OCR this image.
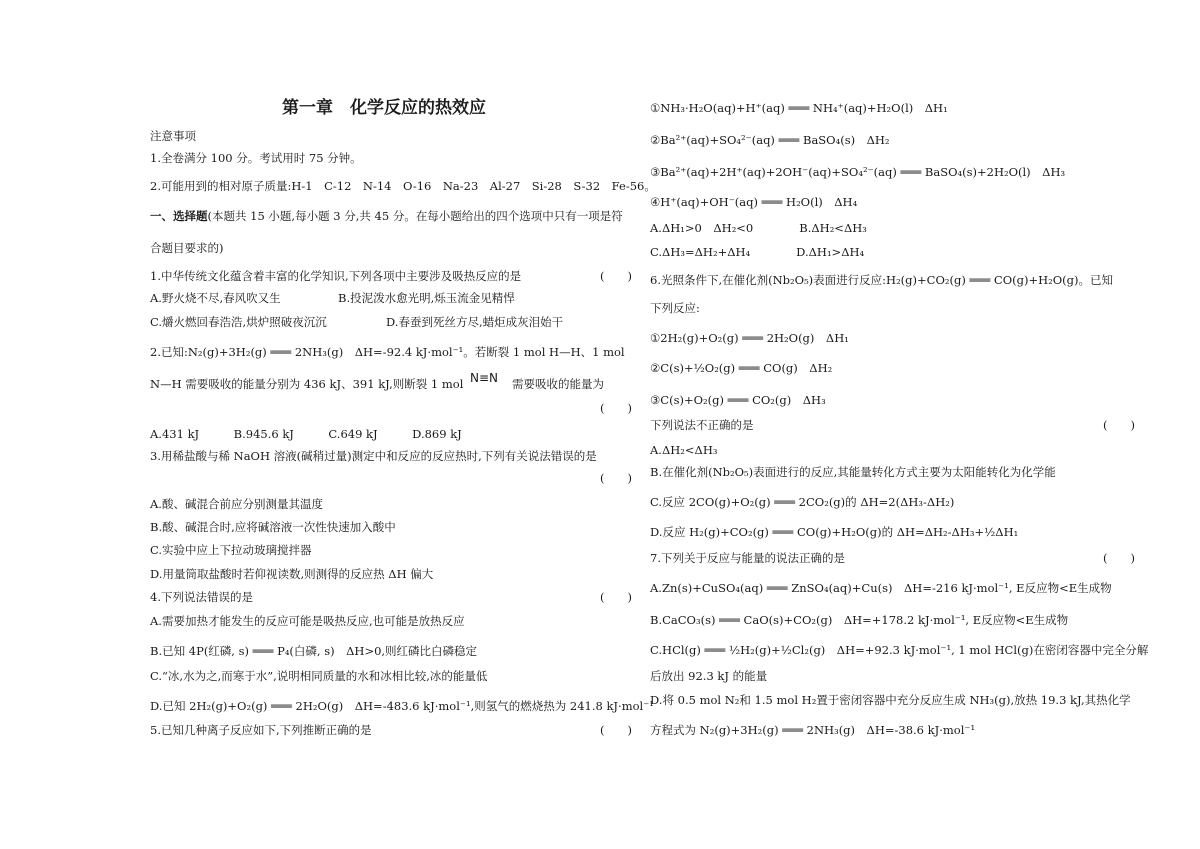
第一章　化学反应的热效应
注意事项
1.全卷满分 100 分。考试用时 75 分钟。
2.可能用到的相对原子质量:H-1　C-12　N-14　O-16　Na-23　Al-27　Si-28　S-32　Fe-56。
一、选择题(本题共 15 小题,每小题 3 分,共 45 分。在每小题给出的四个选项中只有一项是符
合题目要求的)
1.中华传统文化蕴含着丰富的化学知识,下列各项中主要涉及吸热反应的是	(　　)
A.野火烧不尽,春风吹又生	B.投泥泼水愈光明,烁玉流金见精悍
C.爝火燃回春浩浩,烘炉照破夜沉沉	D.春蚕到死丝方尽,蜡炬成灰泪始干
2.已知:N₂(g)+3H₂(g) ═══ 2NH₃(g)　ΔH=-92.4 kJ·mol⁻¹。若断裂 1 mol H—H、1 mol
N—H 需要吸收的能量分别为 436 kJ、391 kJ,则断裂 1 mol N≡N 需要吸收的能量为
(　　)
A.431 kJ　　　B.945.6 kJ　　　C.649 kJ　　　D.869 kJ
3.用稀盐酸与稀 NaOH 溶液(碱稍过量)测定中和反应的反应热时,下列有关说法错误的是
(　　)
A.酸、碱混合前应分别测量其温度
B.酸、碱混合时,应将碱溶液一次性快速加入酸中
C.实验中应上下拉动玻璃搅拌器
D.用量筒取盐酸时若仰视读数,则测得的反应热 ΔH 偏大
4.下列说法错误的是	(　　)
A.需要加热才能发生的反应可能是吸热反应,也可能是放热反应
B.已知 4P(红磷, s) ═══ P₄(白磷, s)　ΔH>0,则红磷比白磷稳定
C.“冰,水为之,而寒于水”,说明相同质量的水和冰相比较,冰的能量低
D.已知 2H₂(g)+O₂(g) ═══ 2H₂O(g)　ΔH=-483.6 kJ·mol⁻¹,则氢气的燃烧热为 241.8 kJ·mol⁻¹
5.已知几种离子反应如下,下列推断正确的是	(　　)
①NH₃·H₂O(aq)+H⁺(aq) ═══ NH₄⁺(aq)+H₂O(l)　ΔH₁
②Ba²⁺(aq)+SO₄²⁻(aq) ═══ BaSO₄(s)　ΔH₂
③Ba²⁺(aq)+2H⁺(aq)+2OH⁻(aq)+SO₄²⁻(aq) ═══ BaSO₄(s)+2H₂O(l)　ΔH₃
④H⁺(aq)+OH⁻(aq) ═══ H₂O(l)　ΔH₄
A.ΔH₁>0　ΔH₂<0　　　　B.ΔH₂<ΔH₃
C.ΔH₃=ΔH₂+ΔH₄　　　　D.ΔH₁>ΔH₄
6.光照条件下,在催化剂(Nb₂O₅)表面进行反应:H₂(g)+CO₂(g) ═══ CO(g)+H₂O(g)。已知
下列反应:
①2H₂(g)+O₂(g) ═══ 2H₂O(g)　ΔH₁
②C(s)+½O₂(g) ═══ CO(g)　ΔH₂
③C(s)+O₂(g) ═══ CO₂(g)　ΔH₃
下列说法不正确的是	(　　)
A.ΔH₂<ΔH₃
B.在催化剂(Nb₂O₅)表面进行的反应,其能量转化方式主要为太阳能转化为化学能
C.反应 2CO(g)+O₂(g) ═══ 2CO₂(g)的 ΔH=2(ΔH₃-ΔH₂)
D.反应 H₂(g)+CO₂(g) ═══ CO(g)+H₂O(g)的 ΔH=ΔH₂-ΔH₃+½ΔH₁
7.下列关于反应与能量的说法正确的是	(　　)
A.Zn(s)+CuSO₄(aq) ═══ ZnSO₄(aq)+Cu(s)　ΔH=-216 kJ·mol⁻¹, E反应物<E生成物
B.CaCO₃(s) ═══ CaO(s)+CO₂(g)　ΔH=+178.2 kJ·mol⁻¹, E反应物<E生成物
C.HCl(g) ═══ ½H₂(g)+½Cl₂(g)　ΔH=+92.3 kJ·mol⁻¹, 1 mol HCl(g)在密闭容器中完全分解
后放出 92.3 kJ 的能量
D.将 0.5 mol N₂和 1.5 mol H₂置于密闭容器中充分反应生成 NH₃(g),放热 19.3 kJ,其热化学
方程式为 N₂(g)+3H₂(g) ═══ 2NH₃(g)　ΔH=-38.6 kJ·mol⁻¹
